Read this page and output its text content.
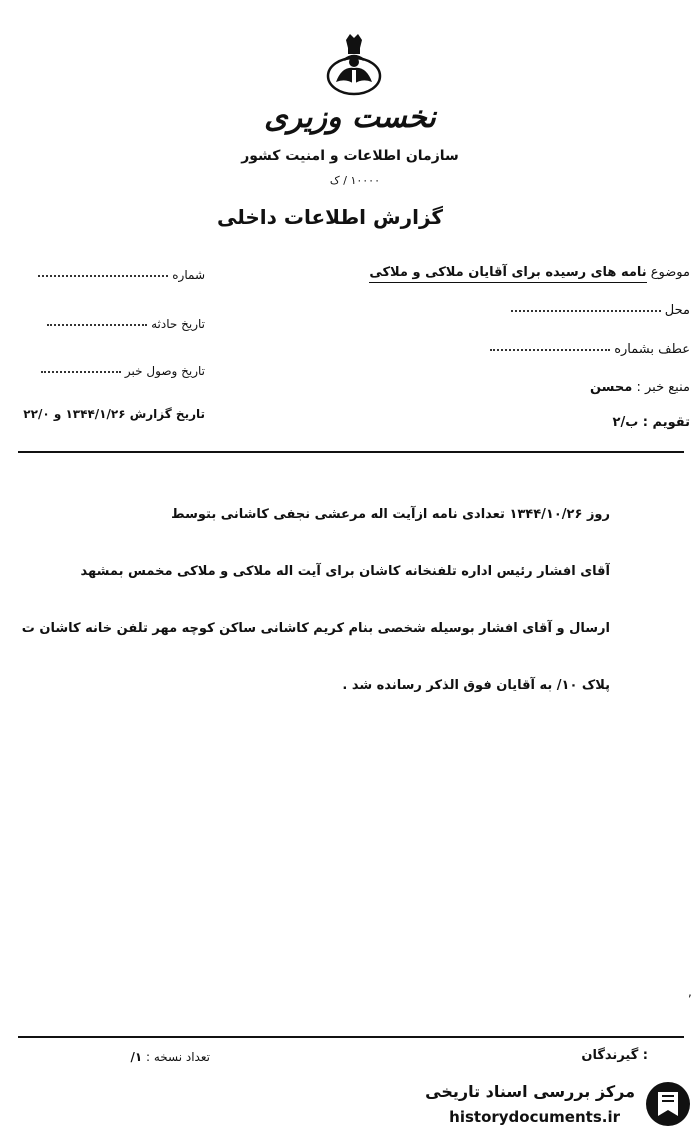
نخست وزیری
سازمان اطلاعات و امنیت کشور
۱۰۰۰۰ / ک
گزارش اطلاعات داخلی
شماره
تاریخ حادثه
تاریخ وصول خبر
تاریخ گزارش ۱۳۴۴/۱/۲۶ و ۲۲/۰
موضوع نامه های رسیده برای آقایان ملاکی و ملاکی
محل
عطف بشماره
منبع خبر : محسن
تقویم : ب/۲
روز ۱۳۴۴/۱۰/۲۶ تعدادی نامه ازآیت اله مرعشی نجفی کاشانی بتوسط
آقای افشار رئیس اداره تلفنخانه کاشان برای آیت اله ملاکی و ملاکی مخمس بمشهد
ارسال و آقای افشار بوسیله شخصی بنام کریم کاشانی ساکن کوچه مهر تلفن خانه کاشان ت
پلاک ۱۰/ به آقایان فوق الذکر رسانده شد .
,
: گیرندگان
تعداد نسخه : ۱/
مرکز بررسی اسناد تاریخی
historydocuments.ir
